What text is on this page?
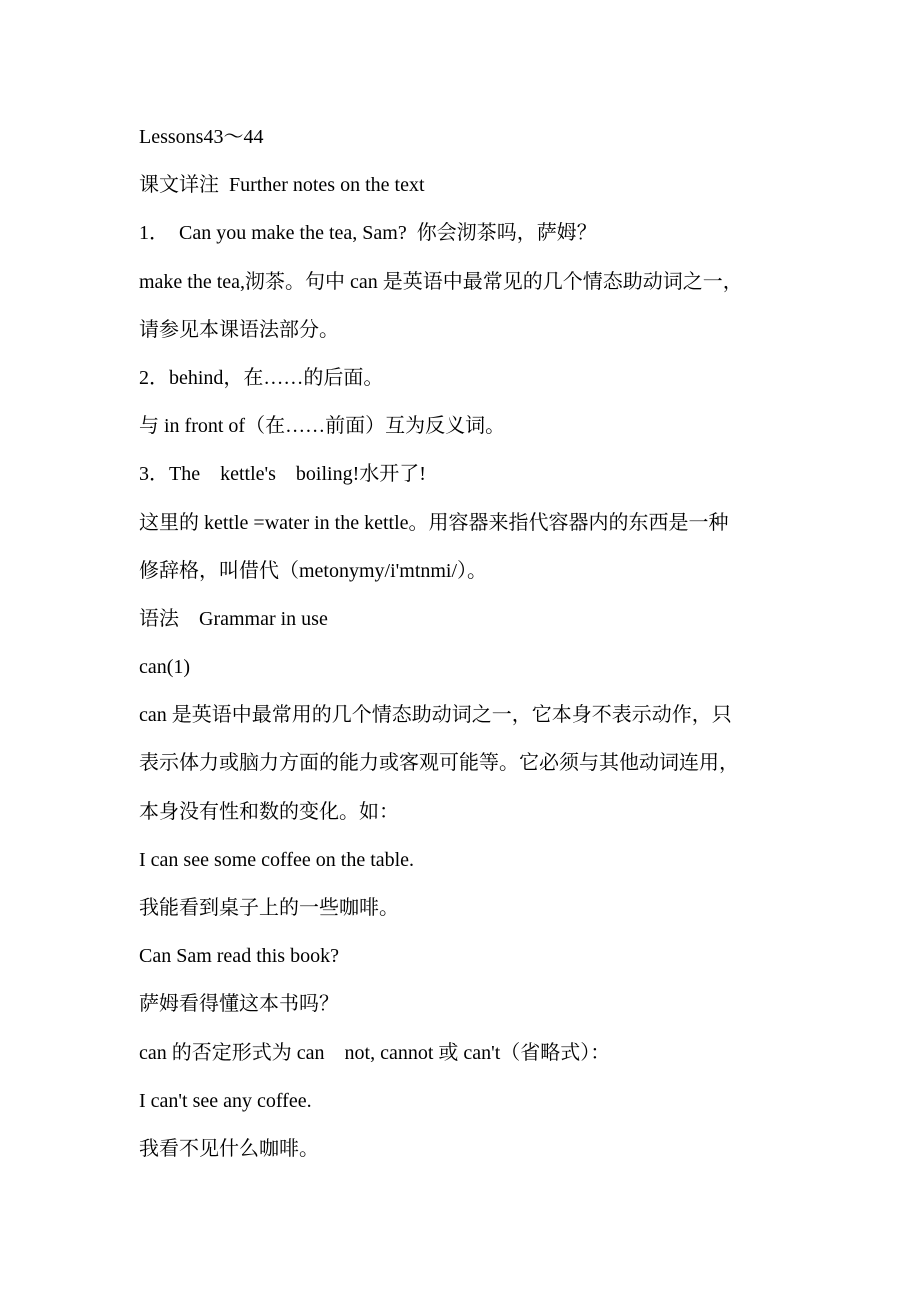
Lessons43～44
课文详注  Further notes on the text
1．  Can you make the tea, Sam?  你会沏茶吗，萨姆？
make the tea,沏茶。句中 can 是英语中最常见的几个情态助动词之一，
请参见本课语法部分。
2．behind，在……的后面。
与 in front of（在……前面）互为反义词。
3．The    kettle's    boiling!水开了!
这里的 kettle =water in the kettle。用容器来指代容器内的东西是一种
修辞格，叫借代（metonymy/i'mtnmi/）。
语法    Grammar in use
can(1)
can 是英语中最常用的几个情态助动词之一，它本身不表示动作，只
表示体力或脑力方面的能力或客观可能等。它必须与其他动词连用，
本身没有性和数的变化。如：
I can see some coffee on the table.
我能看到桌子上的一些咖啡。
Can Sam read this book?
萨姆看得懂这本书吗？
can 的否定形式为 can    not, cannot 或 can't（省略式）：
I can't see any coffee.
我看不见什么咖啡。
